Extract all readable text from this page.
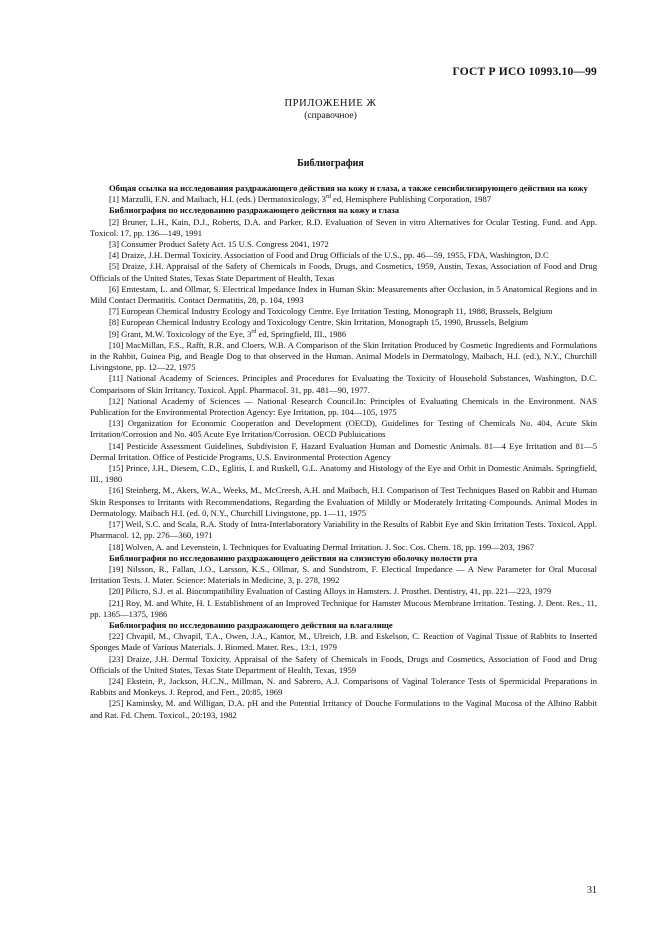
ГОСТ Р ИСО 10993.10—99
ПРИЛОЖЕНИЕ Ж
(справочное)
Библиография

Общая ссылка на исследования раздражающего действия на кожу и глаза, а также сенсибилизирующего действия на кожу

[1] Marzulli, F.N. and Maibach, H.I. (eds.) Dermatoxicology, 3rd ed, Hemisphere Publishing Corporation, 1987

Библиография по исследованию раздражающего действия на кожу и глаза

[2] Bruner, L.H., Kain, D.J., Roberts, D.A. and Parker, R.D. Evaluation of Seven in vitro Alternatives for Ocular Testing. Fund. and App. Toxicol. 17, pp. 136—149, 1991

[3] Consumer Product Safety Act. 15 U.S. Congress 2041, 1972

[4] Draize, J.H. Dermal Toxicity. Association of Food and Drug Officials of the U.S., pp. 46—59, 1955, FDA, Washington, D.C

[5] Draize, J.H. Appraisal of the Safety of Chemicals in Foods, Drugs, and Cosmetics, 1959, Austin, Texas, Association of Food and Drug Officials of the United States, Texas State Department of Health, Texas

[6] Emtestam, L. and Ollmar, S. Electrical Impedance Index in Human Skin: Measurements after Occlusion, in 5 Anatomical Regions and in Mild Contact Dermatitis. Contact Dermatitis, 28, p. 104, 1993

[7] European Chemical Industry Ecology and Toxicology Centre. Eye Irritation Testing, Monograph 11, 1988, Brussels, Belgium

[8] European Chemical Industry Ecology and Toxicology Centre. Skin Irritation, Monograph 15, 1990, Brussels, Belgium

[9] Grant, M.W. Toxicology of the Eye, 3rd ed, Springfield, III., 1986

[10] MacMillan, F.S., Rafft, R.R. and Cloers, W.B. A Comparison of the Skin Irritation Produced by Cosmetic Ingredients and Formulations in the Rabbit, Guinea Pig, and Beagle Dog to that observed in the Human. Animal Models in Dermatology, Maibach, H.I. (ed.), N.Y., Churchill Livingstone, pp. 12—22, 1975

[11] National Academy of Sciences. Principles and Procedures for Evaluating the Toxicity of Household Substances, Washington, D.C. Comparisons of Skin Irritancy. Toxicol. Appl. Pharmacol. 31, pp. 481—90, 1977.

[12] National Academy of Sciences — National Research Council.In: Principles of Evaluating Chemicals in the Environment. NAS Publication for the Environmental Protection Agency: Eye Irritation, pp. 104—105, 1975

[13] Organization for Economic Cooperation and Development (OECD), Guidelines for Testing of Chemicals No. 404, Acute Skin Irritation/Corrosion and No. 405 Acute Eye Irritation/Corrosion. OECD Publuications

[14] Pesticide Assessment Guidelines, Subdivision F, Hazard Evaluation Human and Domestic Animals. 81—4 Eye Irritation and 81—5 Dermal Irritation. Office of Pesticide Programs, U.S. Environmental Protection Agency

[15] Prince, J.H., Diesem, C.D., Eglitis, I. and Ruskell, G.L. Anatomy and Histology of the Eye and Orbit in Domestic Animals. Springfield, III., 1980

[16] Steinberg, M., Akers, W.A., Weeks, M., McCreesh, A.H. and Maibach, H.I. Comparison of Test Techniques Based on Rabbit and Human Skin Responses to Irritants with Recommendations, Regarding the Evaluation of Mildly or Moderately Irritating Compounds. Animal Modes in Dermatology. Maibach H.I. (ed. 0, N.Y., Churchill Livingstone, pp. 1—11, 1975

[17] Weil, S.C. and Scala, R.A. Study of Intra-Interlaboratory Variability in the Results of Rabbit Eye and Skin Irritation Tests. Toxicol. Appl. Pharmacol. 12, pp. 276—360, 1971

[18] Wolven, A. and Levenstein, I. Techniques for Evaluating Dermal Irritation. J. Soc. Cos. Chem. 18, pp. 199—203, 1967

Библиография по исследованию раздражающего действия на слизистую оболочку полости рта

[19] Nilsson, R., Fallan, J.O., Larsson, K.S., Ollmar, S. and Sundstrom, F. Electical Impedance — A New Parameter for Oral Mucosal Irritation Tests. J. Mater. Science: Materials in Medicine, 3, p. 278, 1992

[20] Pilicro, S.J. et al. Biocompatibility Evaluation of Casting Alloys in Hamsters. J. Prosthet. Dentistry, 41, pp. 221—223, 1979

[21] Roy, M. and White, H. I. Establishment of an Improved Technique for Hamster Mucous Membrane Irritation. Testing. J. Dent. Res., 11, pp. 1365—1375, 1986

Библиография по исследованию раздражающего действия на влагалище

[22] Chvapil, M., Chvapil, T.A., Owen, J.A., Kantor, M., Ulreich, J.B. and Eskelson, C. Reaction of Vaginal Tissue of Rabbits to Inserted Sponges Made of Various Materials. J. Biomed. Mater. Res., 13:1, 1979

[23] Draize, J.H. Dermal Toxicity. Appraisal of the Safety of Chemicals in Foods, Drugs and Cosmetics, Association of Food and Drug Officials of the United States, Texas State Department of Health, Texas, 1959

[24] Ekstein, P., Jackson, H.C.N., Millman, N. and Sabrero, A.J. Comparisons of Vaginal Tolerance Tests of Spermicidal Preparations in Rabbits and Monkeys. J. Reprod, and Fert., 20:85, 1969

[25] Kaminsky, M. and Willigan, D.A. pH and the Potential Irritancy of Douche Formulations to the Vaginal Mucosa of the Albino Rabbit and Rat. Fd. Chem. Toxicol., 20:193, 1982

31
